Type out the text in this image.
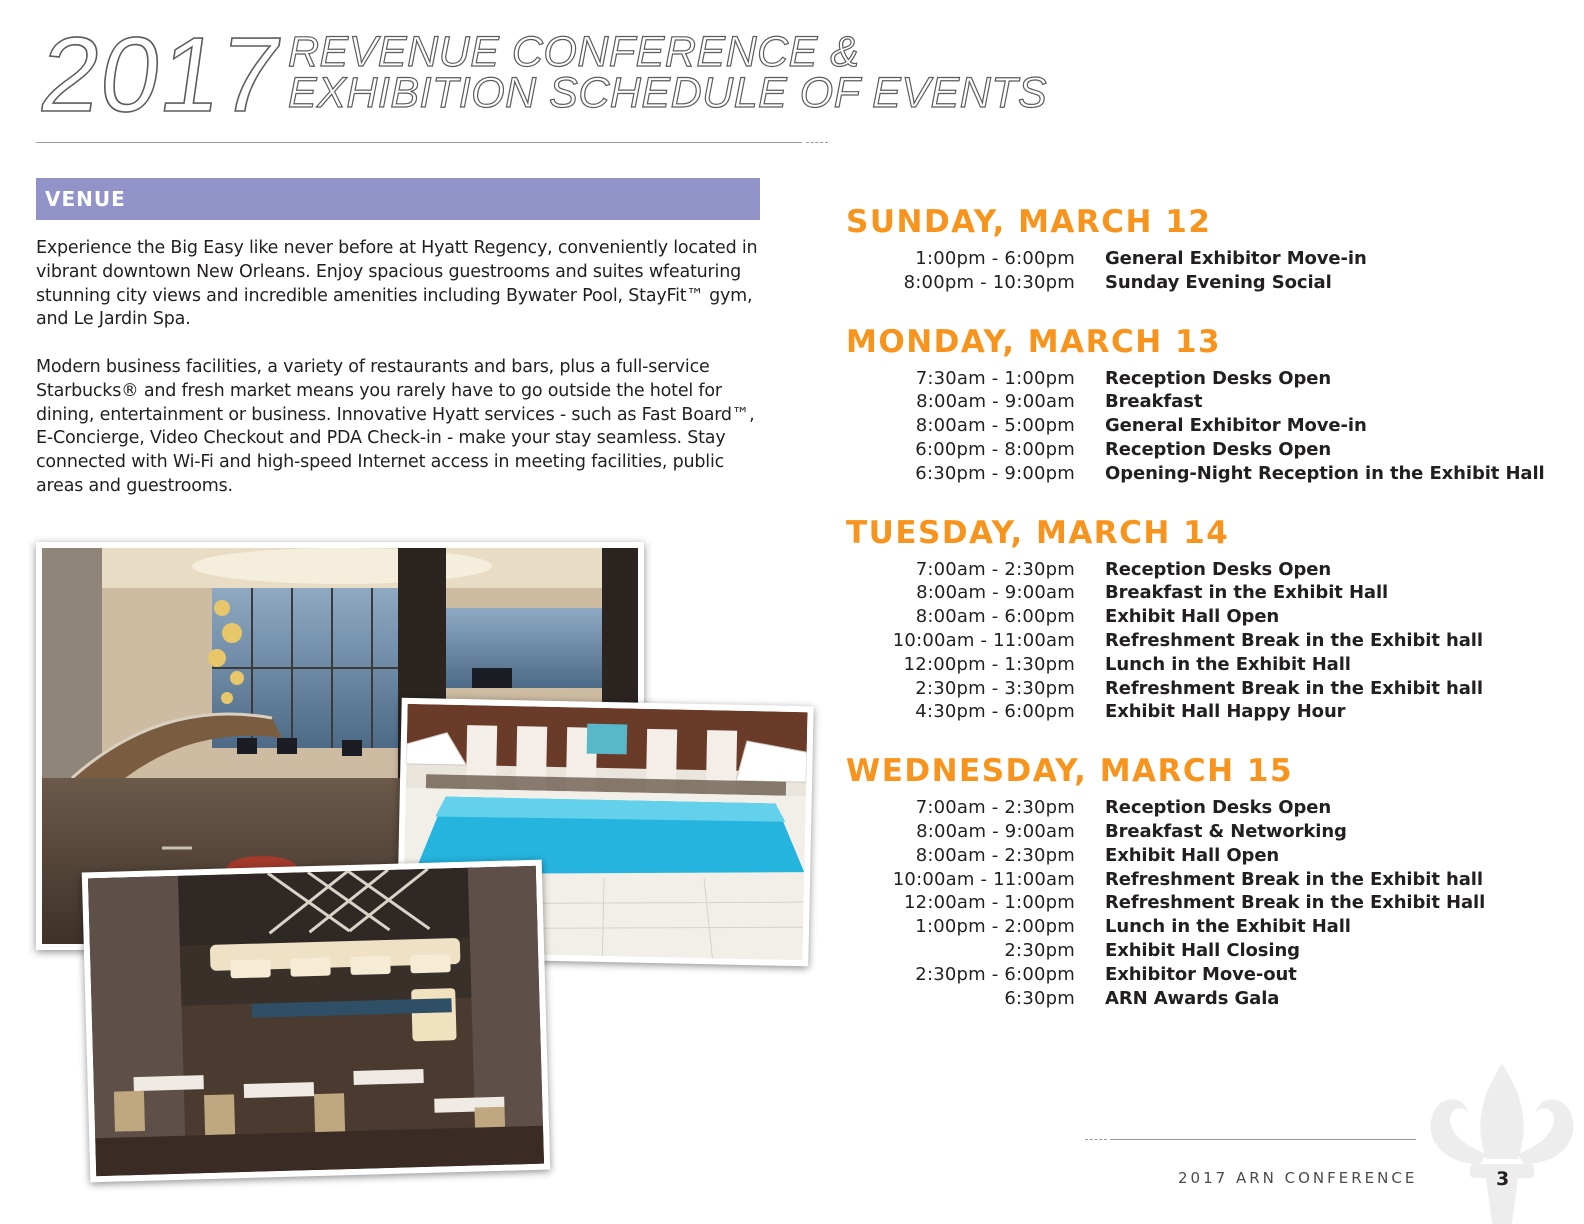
2017
REVENUE CONFERENCE &
EXHIBITION SCHEDULE OF EVENTS
VENUE
Experience the Big Easy like never before at Hyatt Regency, conveniently located in vibrant downtown New Orleans. Enjoy spacious guestrooms and suites wfeaturing stunning city views and incredible amenities including Bywater Pool, StayFit™ gym, and Le Jardin Spa.
Modern business facilities, a variety of restaurants and bars, plus a full-service Starbucks® and fresh market means you rarely have to go outside the hotel for dining, entertainment or business. Innovative Hyatt services - such as Fast Board™, E-Concierge, Video Checkout and PDA Check-in - make your stay seamless. Stay connected with Wi-Fi and high-speed Internet access in meeting facilities, public areas and guestrooms.
SUNDAY, MARCH 12
1:00pm - 6:00pm General Exhibitor Move-in
8:00pm - 10:30pm Sunday Evening Social
MONDAY, MARCH 13
7:30am - 1:00pm Reception Desks Open
8:00am - 9:00am Breakfast
8:00am - 5:00pm General Exhibitor Move-in
6:00pm - 8:00pm Reception Desks Open
6:30pm - 9:00pm Opening-Night Reception in the Exhibit Hall
TUESDAY, MARCH 14
7:00am - 2:30pm Reception Desks Open
8:00am - 9:00am Breakfast in the Exhibit Hall
8:00am - 6:00pm Exhibit Hall Open
10:00am - 11:00am Refreshment Break in the Exhibit hall
12:00pm - 1:30pm Lunch in the Exhibit Hall
2:30pm - 3:30pm Refreshment Break in the Exhibit hall
4:30pm - 6:00pm Exhibit Hall Happy Hour
WEDNESDAY, MARCH 15
7:00am - 2:30pm Reception Desks Open
8:00am - 9:00am Breakfast & Networking
8:00am - 2:30pm Exhibit Hall Open
10:00am - 11:00am Refreshment Break in the Exhibit hall
12:00am - 1:00pm Refreshment Break in the Exhibit Hall
1:00pm - 2:00pm Lunch in the Exhibit Hall
2:30pm Exhibit Hall Closing
2:30pm - 6:00pm Exhibitor Move-out
6:30pm ARN Awards Gala
2017 ARN CONFERENCE	3
